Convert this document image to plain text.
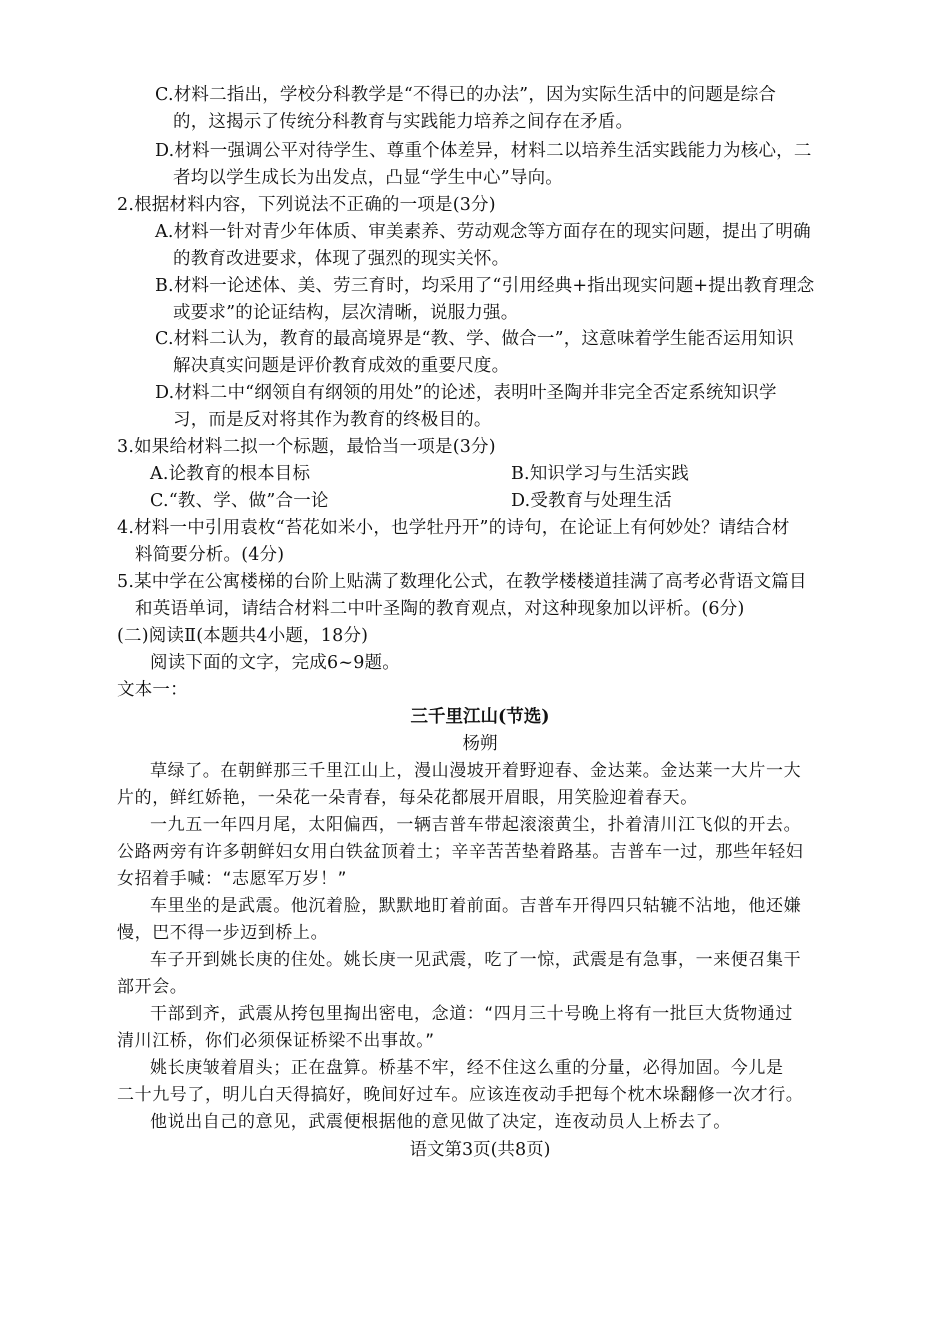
C.材料二指出，学校分科教学是“不得已的办法”，因为实际生活中的问题是综合
的，这揭示了传统分科教育与实践能力培养之间存在矛盾。
D.材料一强调公平对待学生、尊重个体差异，材料二以培养生活实践能力为核心，二
者均以学生成长为出发点，凸显“学生中心”导向。
2.根据材料内容，下列说法不正确的一项是(3分)
A.材料一针对青少年体质、审美素养、劳动观念等方面存在的现实问题，提出了明确
的教育改进要求，体现了强烈的现实关怀。
B.材料一论述体、美、劳三育时，均采用了“引用经典+指出现实问题+提出教育理念
或要求”的论证结构，层次清晰，说服力强。
C.材料二认为，教育的最高境界是“教、学、做合一”，这意味着学生能否运用知识
解决真实问题是评价教育成效的重要尺度。
D.材料二中“纲领自有纲领的用处”的论述，表明叶圣陶并非完全否定系统知识学
习，而是反对将其作为教育的终极目的。
3.如果给材料二拟一个标题，最恰当一项是(3分)
A.论教育的根本目标	B.知识学习与生活实践
C.“教、学、做”合一论	D.受教育与处理生活
4.材料一中引用袁枚“苔花如米小，也学牡丹开”的诗句，在论证上有何妙处？请结合材
料简要分析。(4分)
5.某中学在公寓楼梯的台阶上贴满了数理化公式，在教学楼楼道挂满了高考必背语文篇目
和英语单词，请结合材料二中叶圣陶的教育观点，对这种现象加以评析。(6分)
(二)阅读Ⅱ(本题共4小题，18分)
阅读下面的文字，完成6~9题。
文本一：
三千里江山(节选)
杨朔
草绿了。在朝鲜那三千里江山上，漫山漫坡开着野迎春、金达莱。金达莱一大片一大
片的，鲜红娇艳，一朵花一朵青春，每朵花都展开眉眼，用笑脸迎着春天。
一九五一年四月尾，太阳偏西，一辆吉普车带起滚滚黄尘，扑着清川江飞似的开去。
公路两旁有许多朝鲜妇女用白铁盆顶着土；辛辛苦苦垫着路基。吉普车一过，那些年轻妇
女招着手喊：“志愿军万岁！”
车里坐的是武震。他沉着脸，默默地盯着前面。吉普车开得四只轱辘不沾地，他还嫌
慢，巴不得一步迈到桥上。
车子开到姚长庚的住处。姚长庚一见武震，吃了一惊，武震是有急事，一来便召集干
部开会。
干部到齐，武震从挎包里掏出密电，念道：“四月三十号晚上将有一批巨大货物通过
清川江桥，你们必须保证桥梁不出事故。”
姚长庚皱着眉头；正在盘算。桥基不牢，经不住这么重的分量，必得加固。今儿是
二十九号了，明儿白天得搞好，晚间好过车。应该连夜动手把每个枕木垛翻修一次才行。
他说出自己的意见，武震便根据他的意见做了决定，连夜动员人上桥去了。
语文第3页(共8页)
